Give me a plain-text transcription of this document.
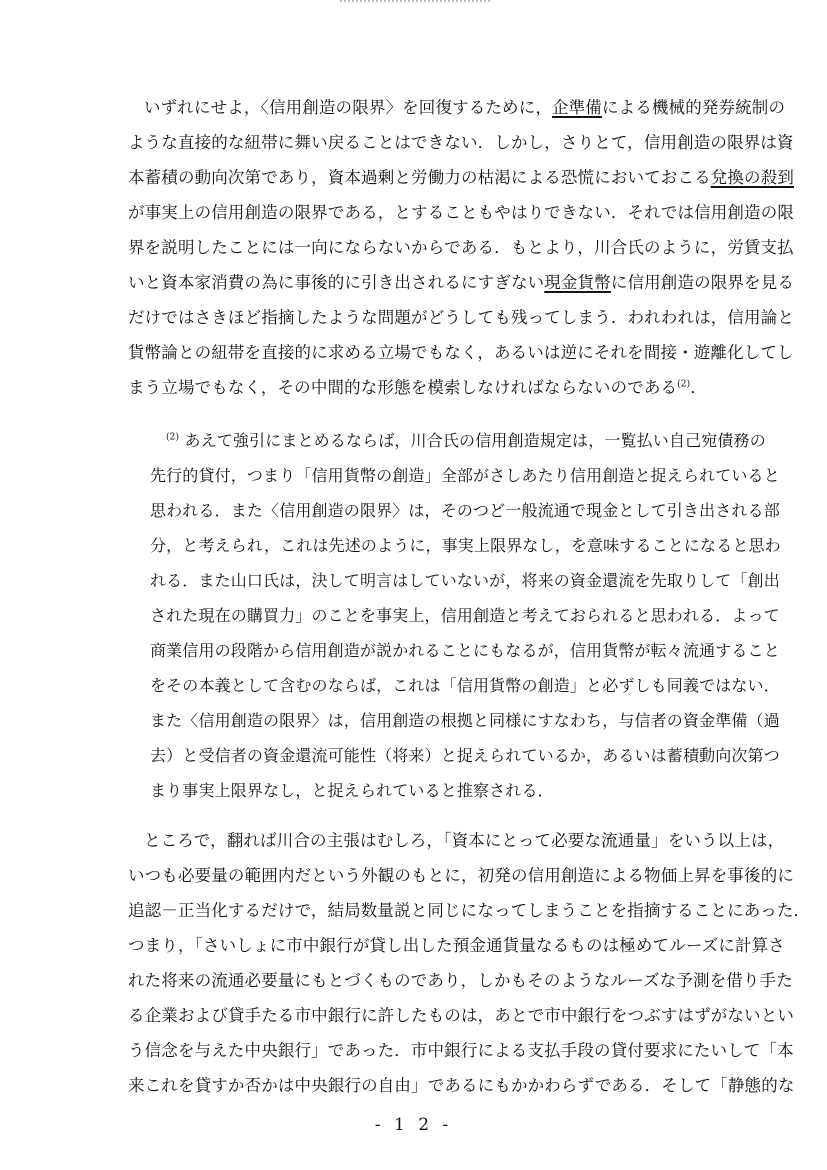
いずれにせよ，〈信用創造の限界〉を回復するために，企準備による機械的発券統制の
ような直接的な紐帯に舞い戻ることはできない．しかし，さりとて，信用創造の限界は資
本蓄積の動向次第であり，資本過剰と労働力の枯渇による恐慌においておこる兌換の殺到
が事実上の信用創造の限界である，とすることもやはりできない．それでは信用創造の限
界を説明したことには一向にならないからである．もとより，川合氏のように，労賃支払
いと資本家消費の為に事後的に引き出されるにすぎない現金貨幣に信用創造の限界を見る
だけではさきほど指摘したような問題がどうしても残ってしまう．われわれは，信用論と
貨幣論との紐帯を直接的に求める立場でもなく，あるいは逆にそれを間接・遊離化してし
まう立場でもなく，その中間的な形態を模索しなければならないのである$^{(2)}$．

$^{(2)}$ あえて強引にまとめるならば，川合氏の信用創造規定は，一覧払い自己宛債務の
先行的貸付，つまり「信用貨幣の創造」全部がさしあたり信用創造と捉えられていると
思われる．また〈信用創造の限界〉は，そのつど一般流通で現金として引き出される部
分，と考えられ，これは先述のように，事実上限界なし，を意味することになると思わ
れる．また山口氏は，決して明言はしていないが，将来の資金還流を先取りして「創出
された現在の購買力」のことを事実上，信用創造と考えておられると思われる．よって
商業信用の段階から信用創造が説かれることにもなるが，信用貨幣が転々流通すること
をその本義として含むのならば，これは「信用貨幣の創造」と必ずしも同義ではない．
また〈信用創造の限界〉は，信用創造の根拠と同様にすなわち，与信者の資金準備（過
去）と受信者の資金還流可能性（将来）と捉えられているか，あるいは蓄積動向次第つ
まり事実上限界なし，と捉えられていると推察される．

ところで，翻れば川合の主張はむしろ，「資本にとって必要な流通量」をいう以上は，
いつも必要量の範囲内だという外観のもとに，初発の信用創造による物価上昇を事後的に
追認－正当化するだけで，結局数量説と同じになってしまうことを指摘することにあった．
つまり，「さいしょに市中銀行が貸し出した預金通貨量なるものは極めてルーズに計算さ
れた将来の流通必要量にもとづくものであり，しかもそのようなルーズな予測を借り手た
る企業および貸手たる市中銀行に許したものは，あとで市中銀行をつぶすはずがないとい
う信念を与えた中央銀行」であった．市中銀行による支払手段の貸付要求にたいして「本
来これを貸すか否かは中央銀行の自由」であるにもかかわらずである．そして「静態的な

- 1 2 -
